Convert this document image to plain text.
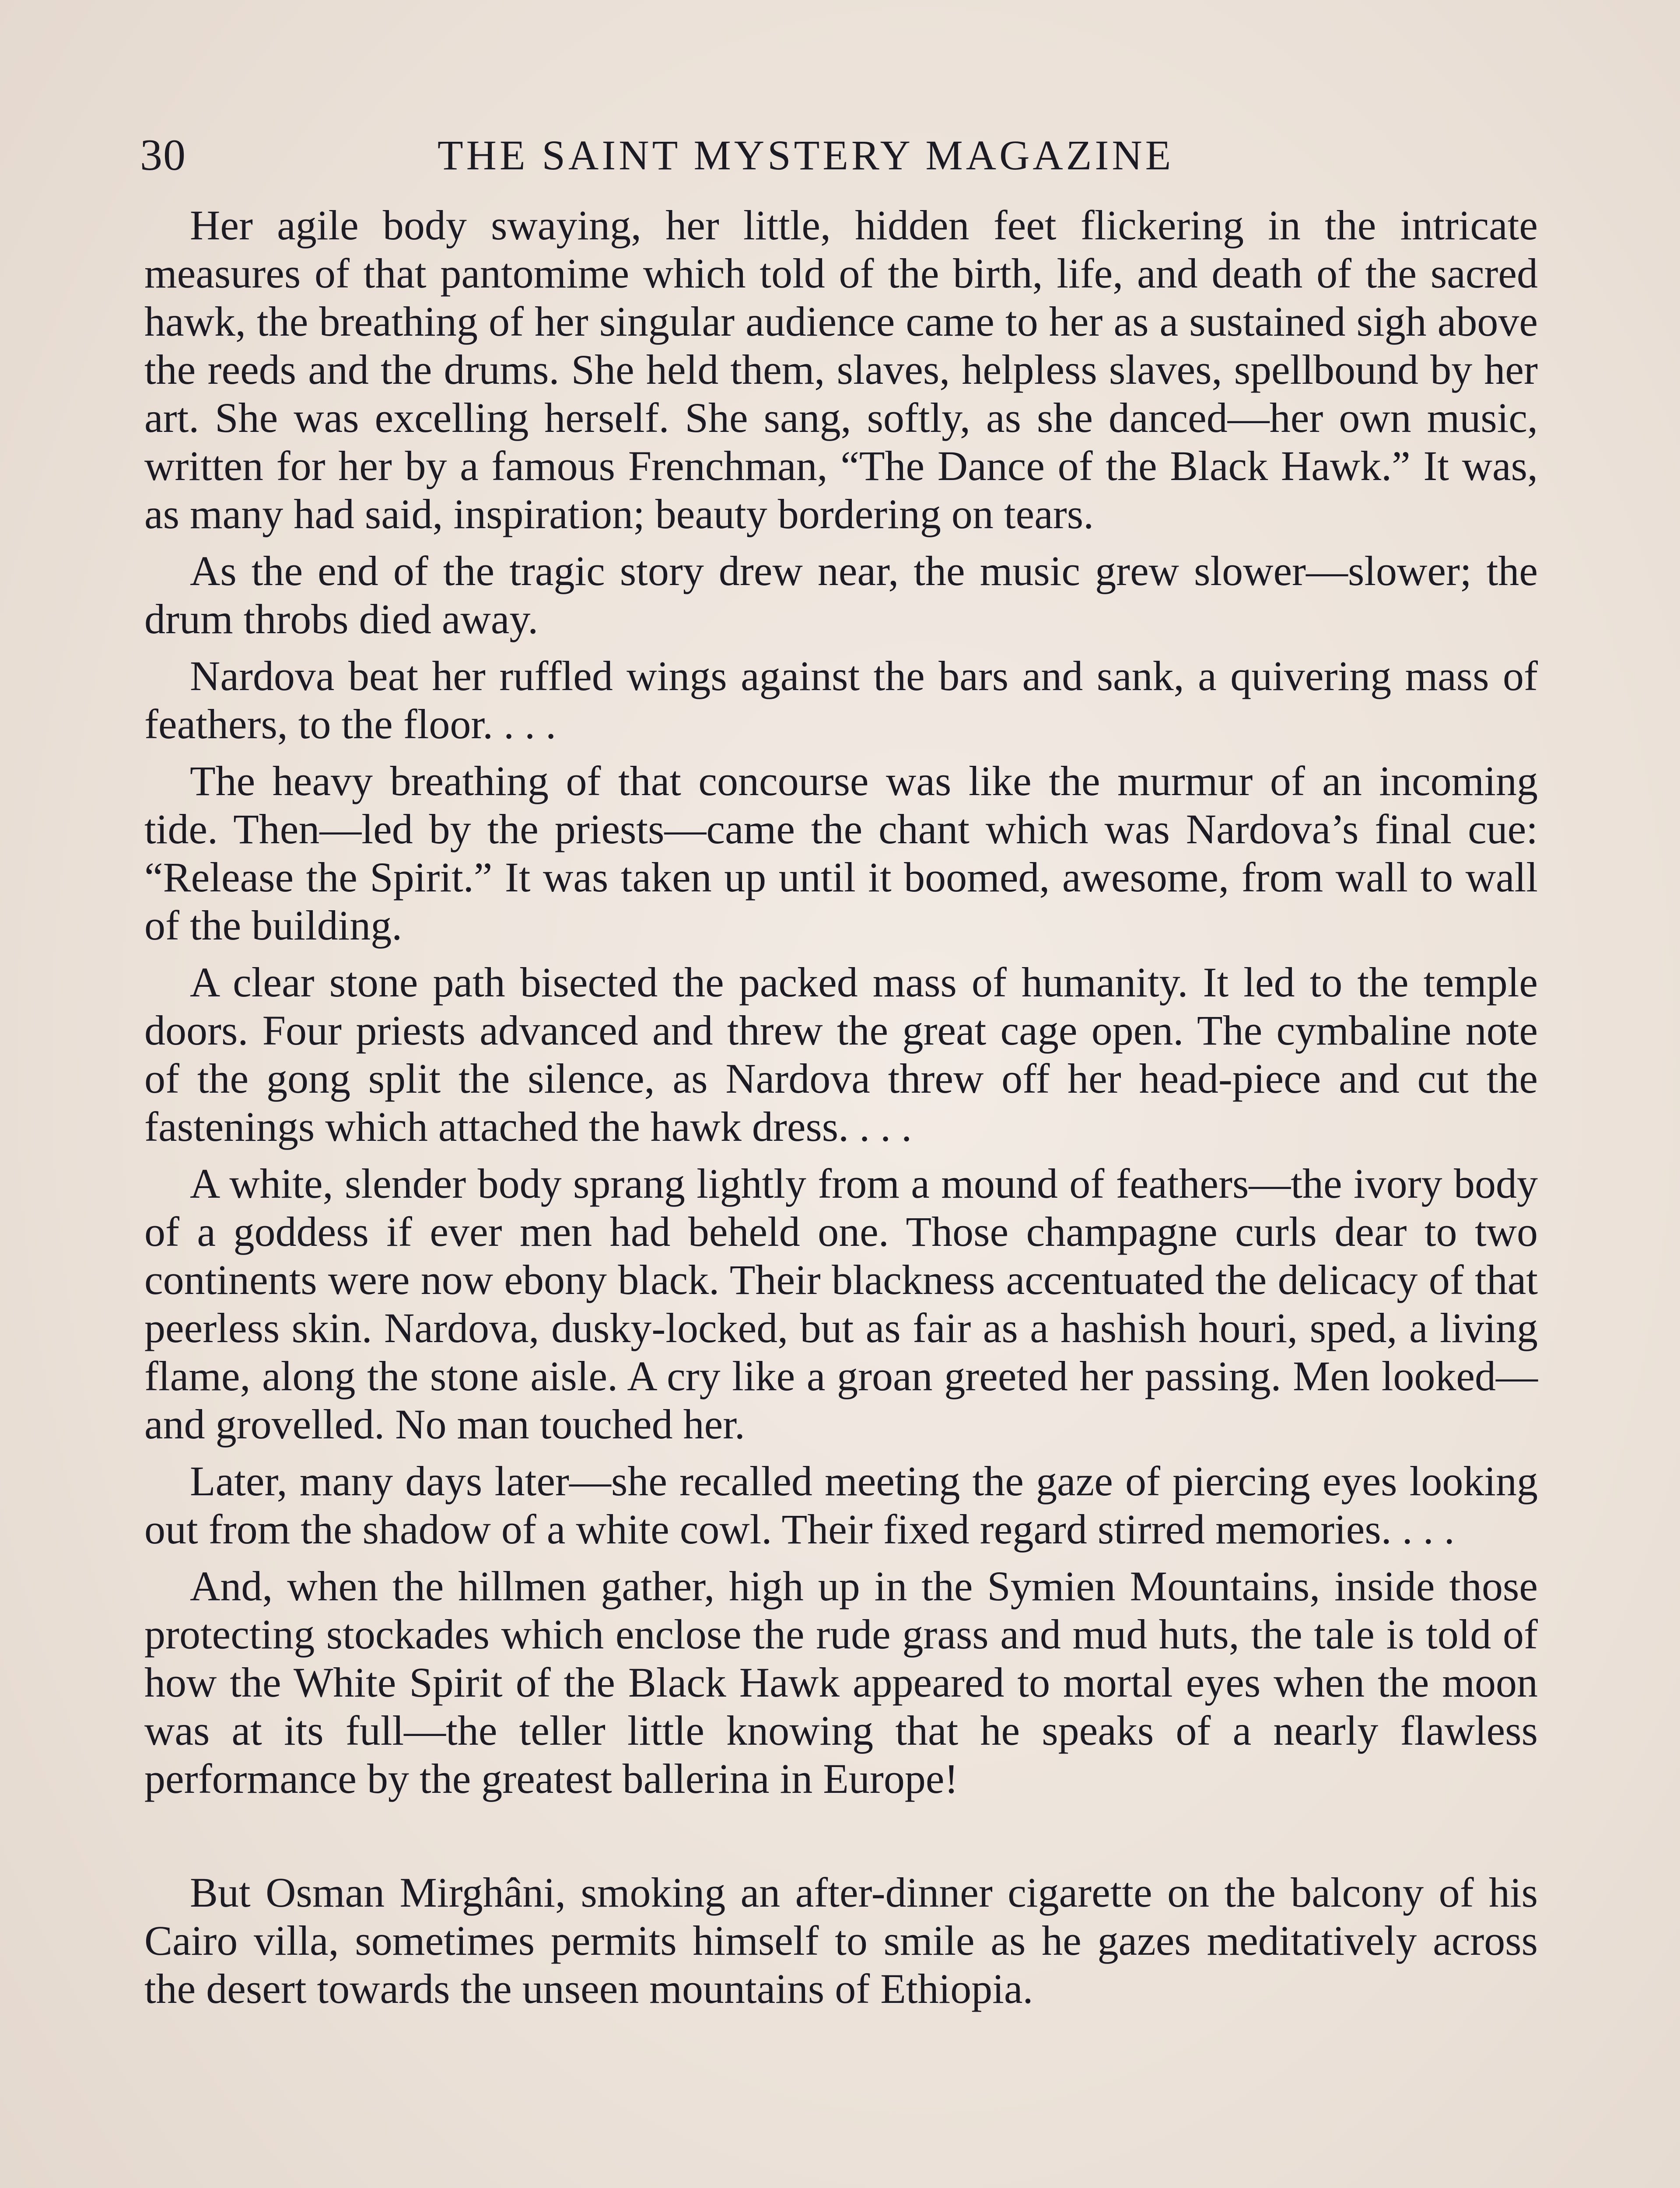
30	THE SAINT MYSTERY MAGAZINE

Her agile body swaying, her little, hidden feet flickering in the intricate measures of that pantomime which told of the birth, life, and death of the sacred hawk, the breathing of her singular audience came to her as a sustained sigh above the reeds and the drums. She held them, slaves, helpless slaves, spellbound by her art. She was excelling herself. She sang, softly, as she danced—her own music, written for her by a famous Frenchman, “The Dance of the Black Hawk.” It was, as many had said, inspiration; beauty bordering on tears.

As the end of the tragic story drew near, the music grew slower—slower; the drum throbs died away.

Nardova beat her ruffled wings against the bars and sank, a quivering mass of feathers, to the floor. . . .

The heavy breathing of that concourse was like the murmur of an incoming tide. Then—led by the priests—came the chant which was Nardova’s final cue: “Release the Spirit.” It was taken up until it boomed, awesome, from wall to wall of the building.

A clear stone path bisected the packed mass of humanity. It led to the temple doors. Four priests advanced and threw the great cage open. The cymbaline note of the gong split the silence, as Nardova threw off her head-piece and cut the fastenings which attached the hawk dress. . . .

A white, slender body sprang lightly from a mound of feathers—the ivory body of a goddess if ever men had beheld one. Those champagne curls dear to two continents were now ebony black. Their blackness accentuated the delicacy of that peerless skin. Nardova, dusky-locked, but as fair as a hashish houri, sped, a living flame, along the stone aisle. A cry like a groan greeted her passing. Men looked—and grovelled. No man touched her.

Later, many days later—she recalled meeting the gaze of piercing eyes looking out from the shadow of a white cowl. Their fixed regard stirred memories. . . .

And, when the hillmen gather, high up in the Symien Mountains, inside those protecting stockades which enclose the rude grass and mud huts, the tale is told of how the White Spirit of the Black Hawk appeared to mortal eyes when the moon was at its full—the teller little knowing that he speaks of a nearly flawless performance by the greatest ballerina in Europe!

But Osman Mirghâni, smoking an after-dinner cigarette on the balcony of his Cairo villa, sometimes permits himself to smile as he gazes meditatively across the desert towards the unseen mountains of Ethiopia.
